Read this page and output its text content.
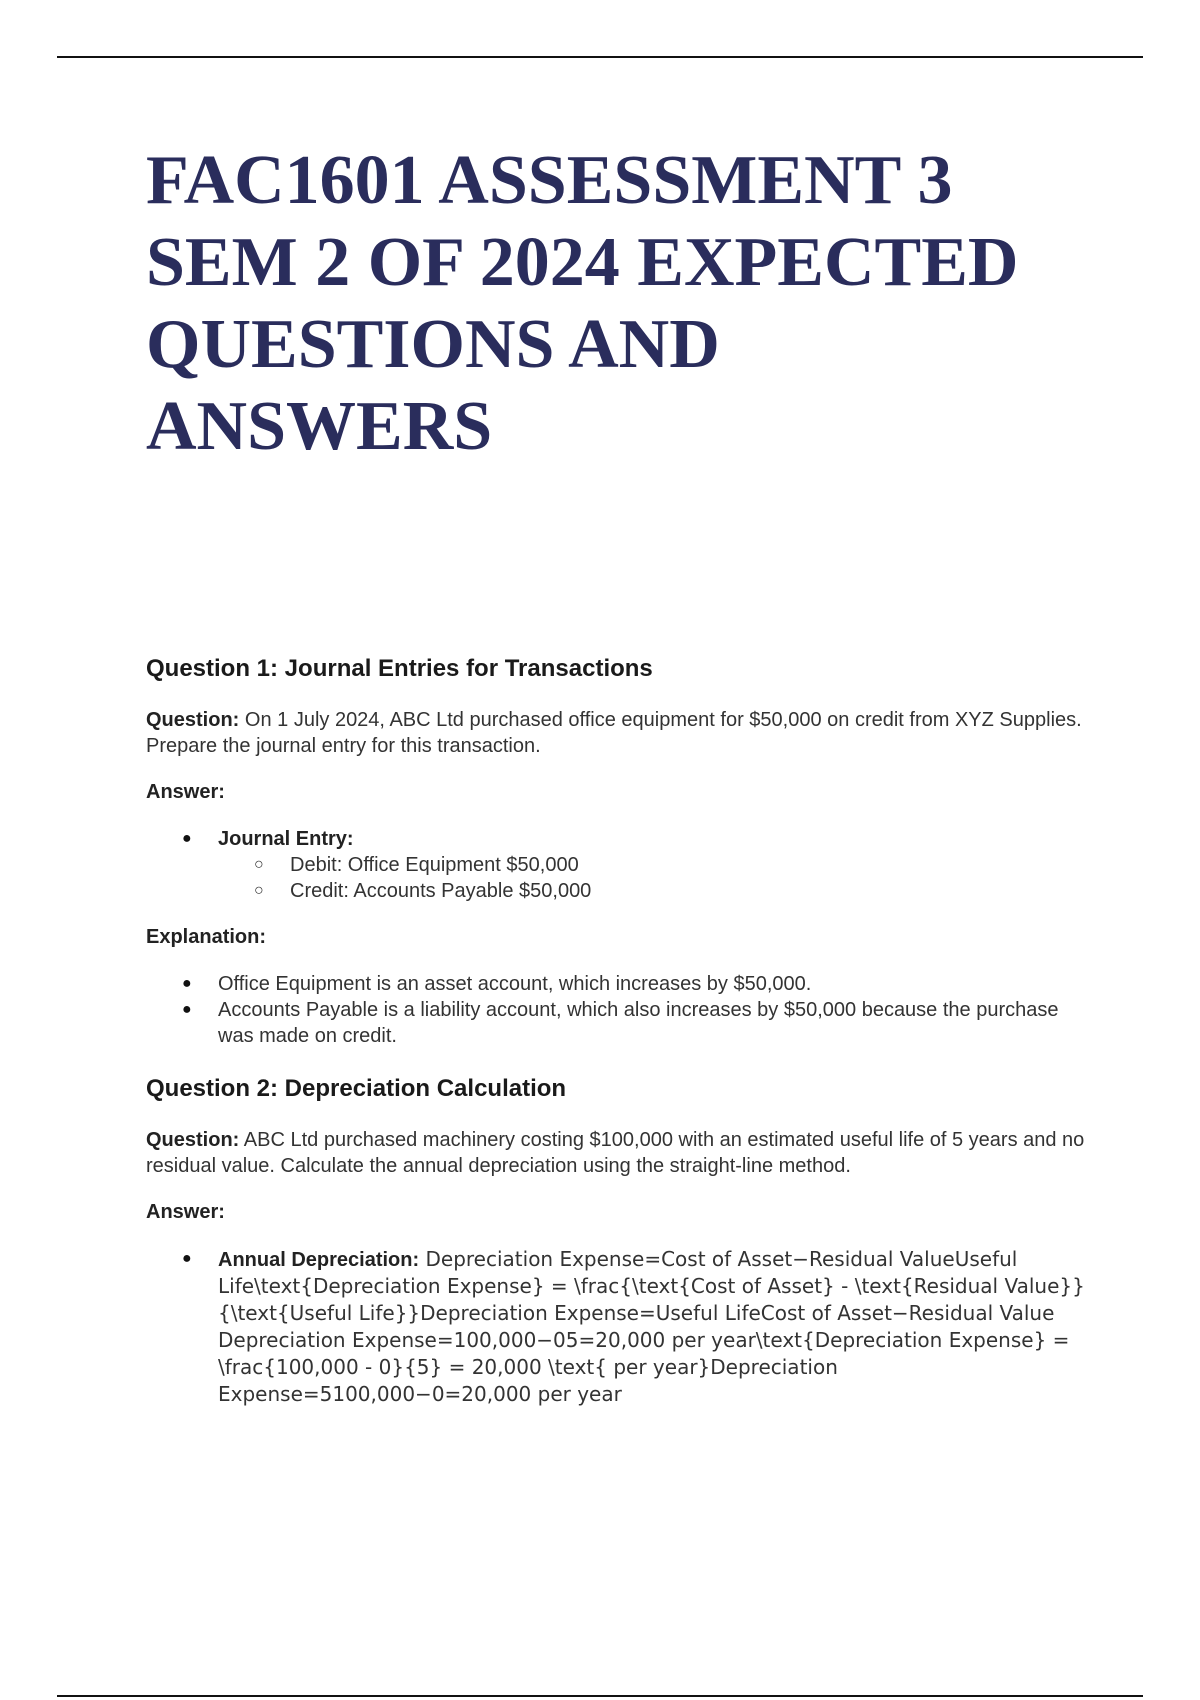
FAC1601 ASSESSMENT 3 SEM 2 OF 2024 EXPECTED QUESTIONS AND ANSWERS
Question 1: Journal Entries for Transactions

Question: On 1 July 2024, ABC Ltd purchased office equipment for $50,000 on credit from XYZ Supplies. Prepare the journal entry for this transaction.

Answer:

● Journal Entry:
○ Debit: Office Equipment $50,000
○ Credit: Accounts Payable $50,000

Explanation:

● Office Equipment is an asset account, which increases by $50,000.
● Accounts Payable is a liability account, which also increases by $50,000 because the purchase was made on credit.
Question 2: Depreciation Calculation

Question: ABC Ltd purchased machinery costing $100,000 with an estimated useful life of 5 years and no residual value. Calculate the annual depreciation using the straight-line method.

Answer:

● Annual Depreciation: Depreciation Expense=Cost of Asset−Residual ValueUseful Life\text{Depreciation Expense} = \frac{\text{Cost of Asset} - \text{Residual Value}}{\text{Useful Life}}Depreciation Expense=Useful LifeCost of Asset−Residual Value Depreciation Expense=100,000−05=20,000 per year\text{Depreciation Expense} = \frac{100,000 - 0}{5} = 20,000 \text{ per year}Depreciation Expense=5100,000−0=20,000 per year
